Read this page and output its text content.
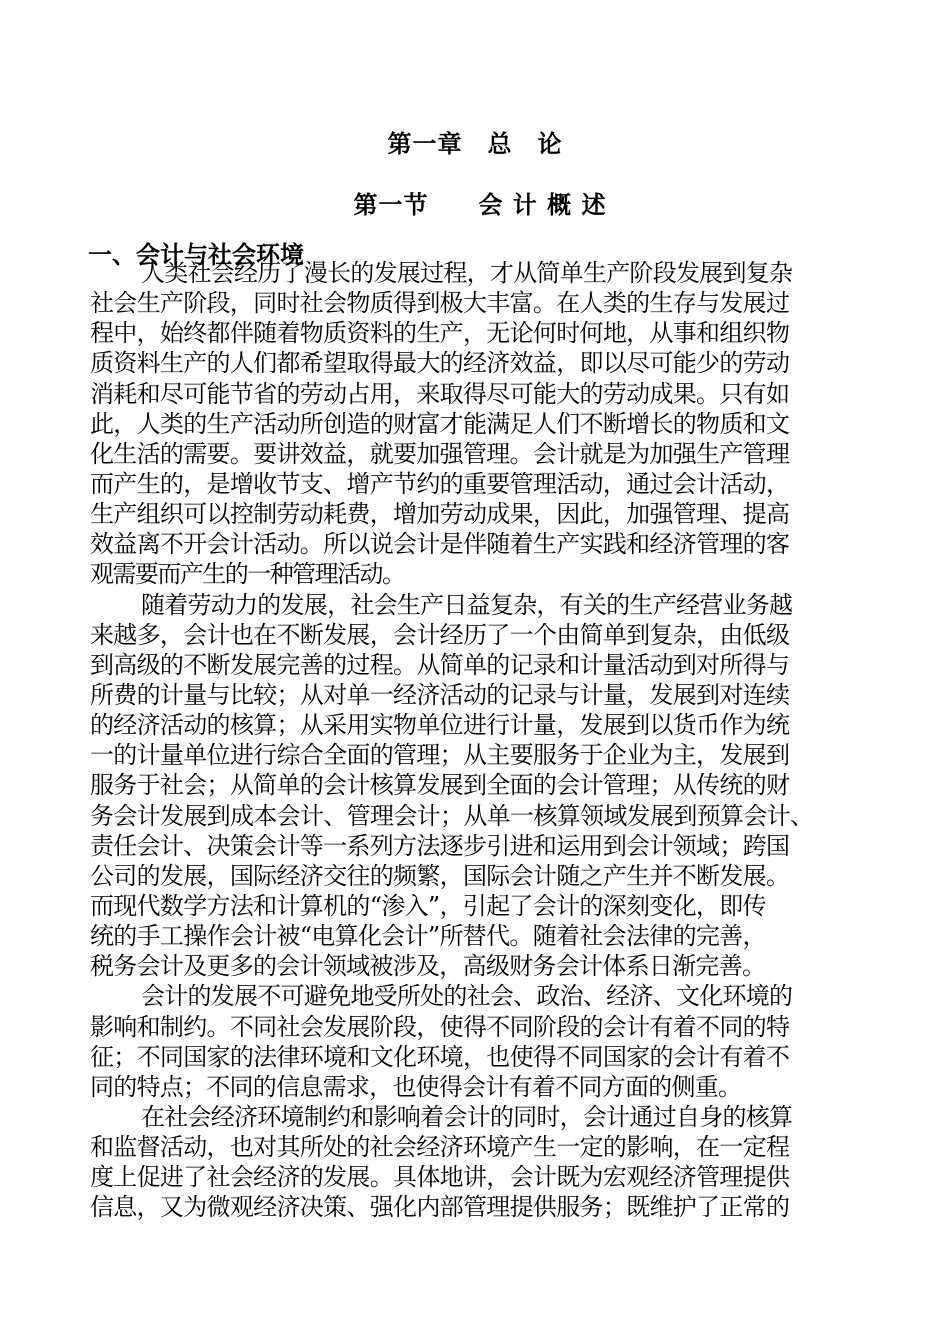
第一章　总　论
第一节　　会 计 概 述
一、会计与社会环境
人类社会经历了漫长的发展过程，才从简单生产阶段发展到复杂
社会生产阶段，同时社会物质得到极大丰富。在人类的生存与发展过
程中，始终都伴随着物质资料的生产，无论何时何地，从事和组织物
质资料生产的人们都希望取得最大的经济效益，即以尽可能少的劳动
消耗和尽可能节省的劳动占用，来取得尽可能大的劳动成果。只有如
此，人类的生产活动所创造的财富才能满足人们不断增长的物质和文
化生活的需要。要讲效益，就要加强管理。会计就是为加强生产管理
而产生的，是增收节支、增产节约的重要管理活动，通过会计活动，
生产组织可以控制劳动耗费，增加劳动成果，因此，加强管理、提高
效益离不开会计活动。所以说会计是伴随着生产实践和经济管理的客
观需要而产生的一种管理活动。
随着劳动力的发展，社会生产日益复杂，有关的生产经营业务越
来越多，会计也在不断发展，会计经历了一个由简单到复杂，由低级
到高级的不断发展完善的过程。从简单的记录和计量活动到对所得与
所费的计量与比较；从对单一经济活动的记录与计量，发展到对连续
的经济活动的核算；从采用实物单位进行计量，发展到以货币作为统
一的计量单位进行综合全面的管理；从主要服务于企业为主，发展到
服务于社会；从简单的会计核算发展到全面的会计管理；从传统的财
务会计发展到成本会计、管理会计；从单一核算领域发展到预算会计、
责任会计、决策会计等一系列方法逐步引进和运用到会计领域；跨国
公司的发展，国际经济交往的频繁，国际会计随之产生并不断发展。
而现代数学方法和计算机的“渗入”，引起了会计的深刻变化，即传
统的手工操作会计被“电算化会计”所替代。随着社会法律的完善，
税务会计及更多的会计领域被涉及，高级财务会计体系日渐完善。
会计的发展不可避免地受所处的社会、政治、经济、文化环境的
影响和制约。不同社会发展阶段，使得不同阶段的会计有着不同的特
征；不同国家的法律环境和文化环境，也使得不同国家的会计有着不
同的特点；不同的信息需求，也使得会计有着不同方面的侧重。
在社会经济环境制约和影响着会计的同时，会计通过自身的核算
和监督活动，也对其所处的社会经济环境产生一定的影响，在一定程
度上促进了社会经济的发展。具体地讲，会计既为宏观经济管理提供
信息，又为微观经济决策、强化内部管理提供服务；既维护了正常的
